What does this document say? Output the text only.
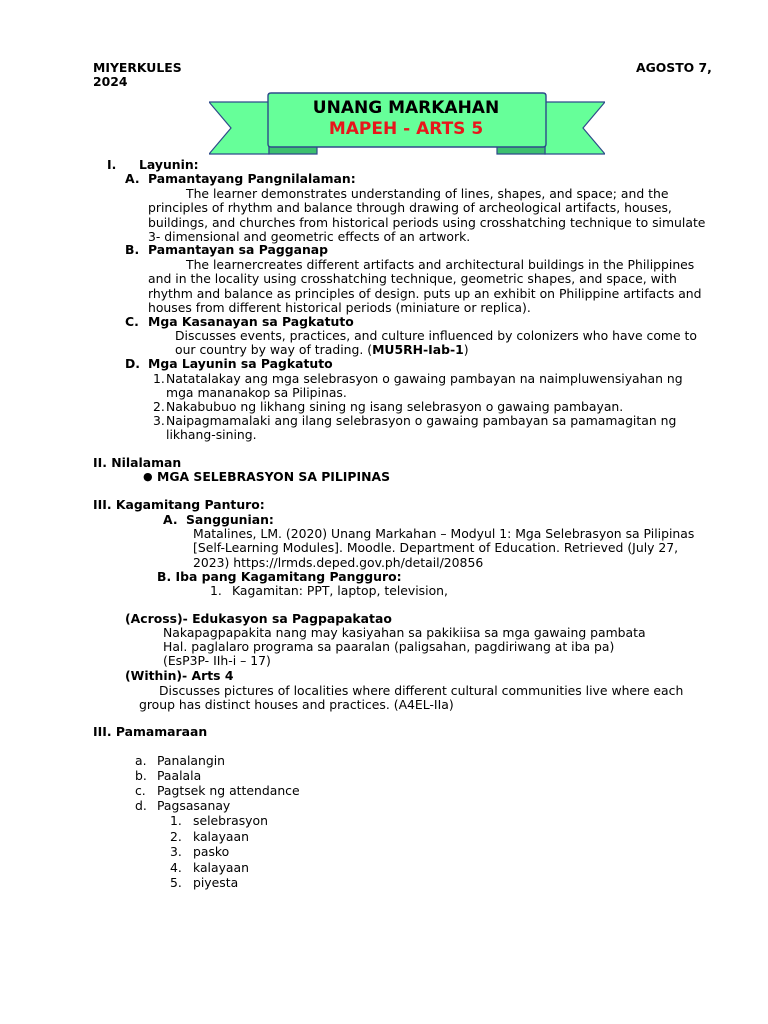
MIYERKULES	AGOSTO 7,
2024
UNANG MARKAHAN
MAPEH - ARTS 5
I. Layunin:
A. Pamantayang Pangnilalaman:
The learner demonstrates understanding of lines, shapes, and space; and the principles of rhythm and balance through drawing of archeological artifacts, houses, buildings, and churches from historical periods using crosshatching technique to simulate 3- dimensional and geometric effects of an artwork.
B. Pamantayan sa Pagganap
The learnercreates different artifacts and architectural buildings in the Philippines and in the locality using crosshatching technique, geometric shapes, and space, with rhythm and balance as principles of design. puts up an exhibit on Philippine artifacts and houses from different historical periods (miniature or replica).
C. Mga Kasanayan sa Pagkatuto
Discusses events, practices, and culture influenced by colonizers who have come to our country by way of trading. (MU5RH-Iab-1)
D. Mga Layunin sa Pagkatuto
1. Natatalakay ang mga selebrasyon o gawaing pambayan na naimpluwensiyahan ng mga mananakop sa Pilipinas.
2. Nakabubuo ng likhang sining ng isang selebrasyon o gawaing pambayan.
3. Naipagmamalaki ang ilang selebrasyon o gawaing pambayan sa pamamagitan ng likhang-sining.
II. Nilalaman
● MGA SELEBRASYON SA PILIPINAS
III. Kagamitang Panturo:
A. Sanggunian:
Matalines, LM. (2020) Unang Markahan – Modyul 1: Mga Selebrasyon sa Pilipinas [Self-Learning Modules]. Moodle. Department of Education. Retrieved (July 27, 2023) https://lrmds.deped.gov.ph/detail/20856
B. Iba pang Kagamitang Pangguro:
1. Kagamitan: PPT, laptop, television,
(Across)- Edukasyon sa Pagpapakatao
Nakapagpapakita nang may kasiyahan sa pakikiisa sa mga gawaing pambata
Hal. paglalaro programa sa paaralan (paligsahan, pagdiriwang at iba pa)
(EsP3P- IIh-i – 17)
(Within)- Arts 4
Discusses pictures of localities where different cultural communities live where each group has distinct houses and practices. (A4EL-IIa)
III. Pamamaraan
a. Panalangin
b. Paalala
c. Pagtsek ng attendance
d. Pagsasanay
1. selebrasyon
2. kalayaan
3. pasko
4. kalayaan
5. piyesta
